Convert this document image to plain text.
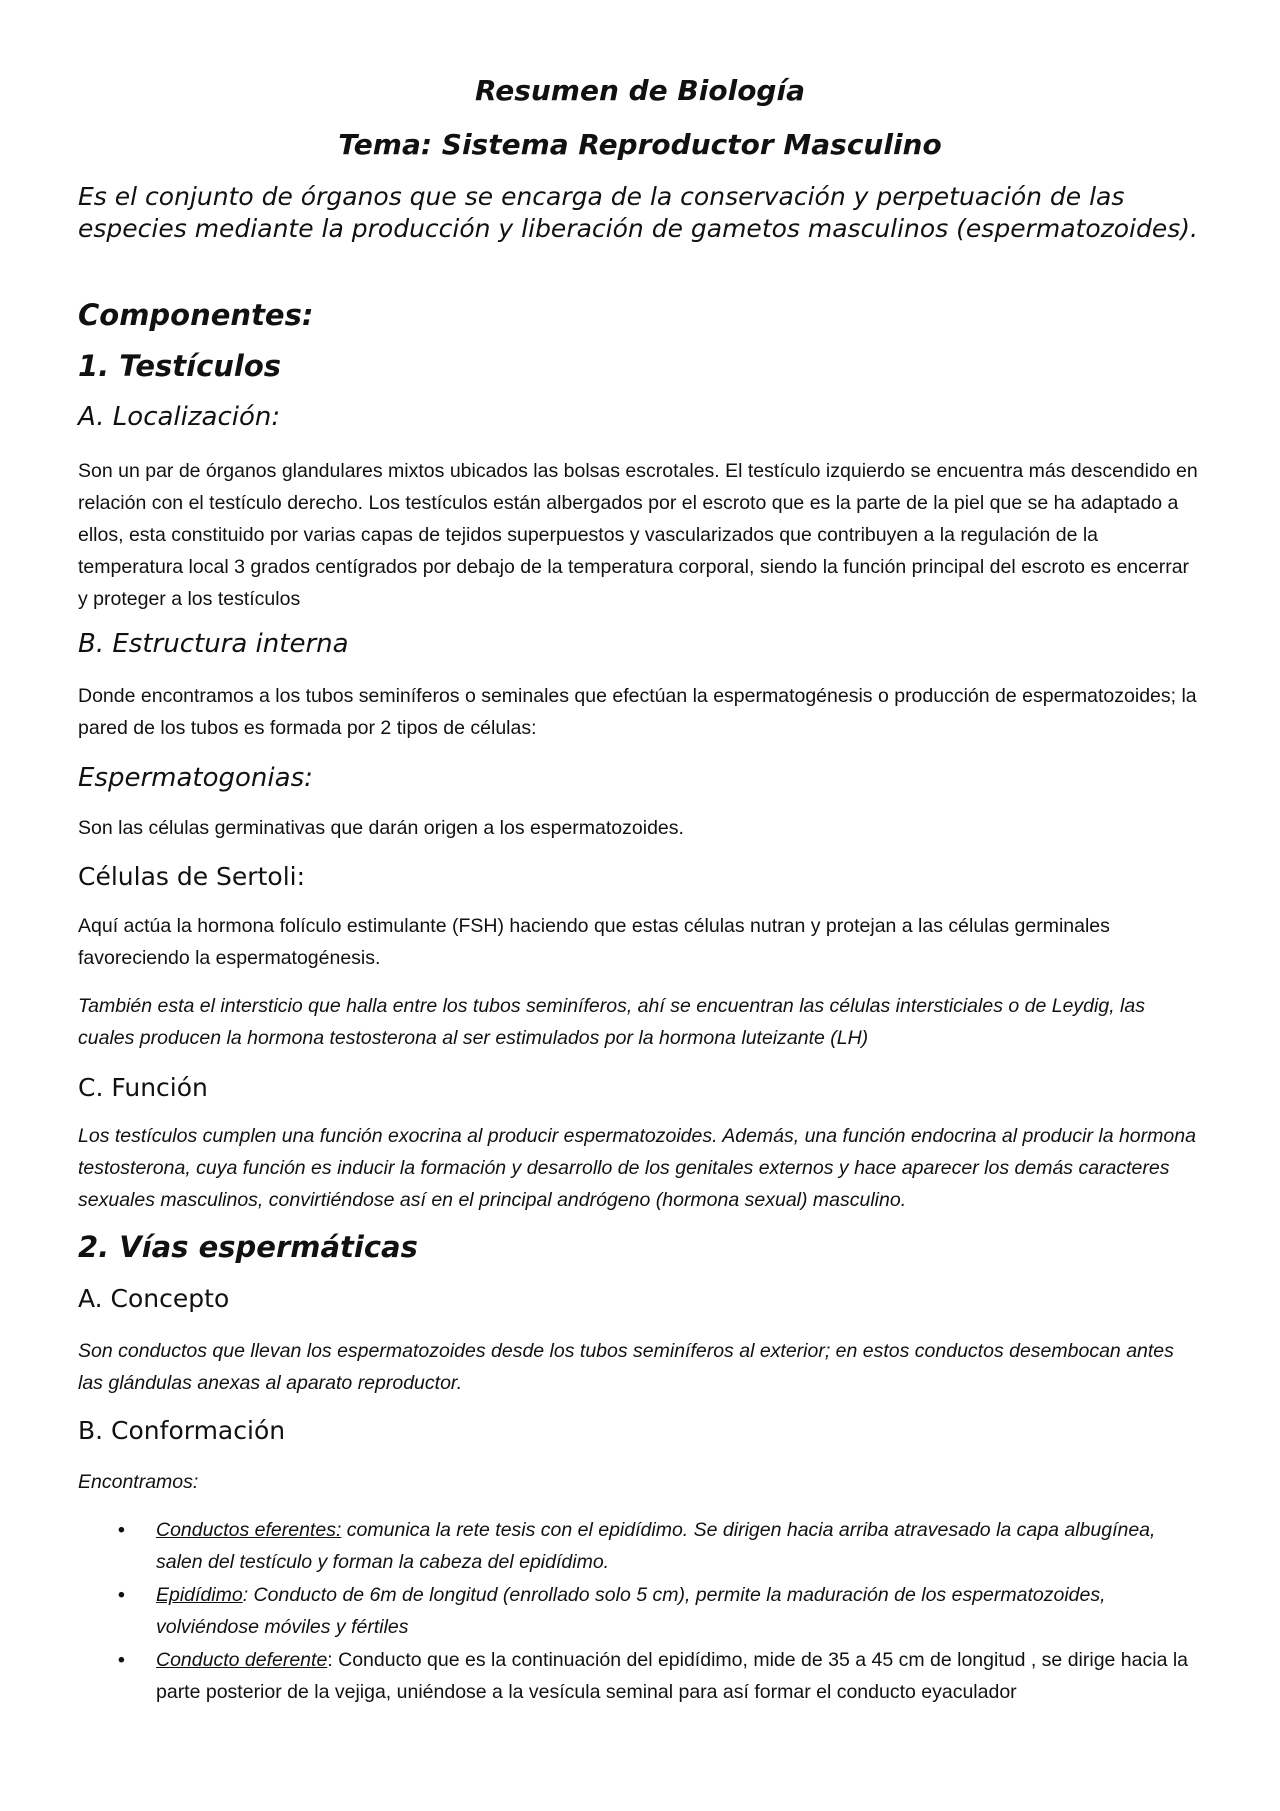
Resumen de Biología
Tema: Sistema Reproductor Masculino

Es el conjunto de órganos que se encarga de la conservación y perpetuación de las especies mediante la producción y liberación de gametos masculinos (espermatozoides).

Componentes:
1. Testículos
A. Localización:

Son un par de órganos glandulares mixtos ubicados las bolsas escrotales. El testículo izquierdo se encuentra más descendido en relación con el testículo derecho. Los testículos están albergados por el escroto que es la parte de la piel que se ha adaptado a ellos, esta constituido por varias capas de tejidos superpuestos y vascularizados que contribuyen a la regulación de la temperatura local 3 grados centígrados por debajo de la temperatura corporal, siendo la función principal del escroto es encerrar y proteger a los testículos

B. Estructura interna

Donde encontramos a los tubos seminíferos o seminales que efectúan la espermatogénesis o producción de espermatozoides; la pared de los tubos es formada por 2 tipos de células:

Espermatogonias:

Son las células germinativas que darán origen a los espermatozoides.

Células de Sertoli:

Aquí actúa la hormona folículo estimulante (FSH) haciendo que estas células nutran y protejan a las células germinales favoreciendo la espermatogénesis.

También esta el intersticio que halla entre los tubos seminíferos, ahí se encuentran las células intersticiales o de Leydig, las cuales producen la hormona testosterona al ser estimulados por la hormona luteizante (LH)

C. Función

Los testículos cumplen una función exocrina al producir espermatozoides. Además, una función endocrina al producir la hormona testosterona, cuya función es inducir la formación y desarrollo de los genitales externos y hace aparecer los demás caracteres sexuales masculinos, convirtiéndose así en el principal andrógeno (hormona sexual) masculino.

2. Vías espermáticas
A. Concepto

Son conductos que llevan los espermatozoides desde los tubos seminíferos al exterior; en estos conductos desembocan antes las glándulas anexas al aparato reproductor.

B. Conformación

Encontramos:

• Conductos eferentes: comunica la rete tesis con el epidídimo. Se dirigen hacia arriba atravesado la capa albugínea, salen del testículo y forman la cabeza del epidídimo.
• Epidídimo: Conducto de 6m de longitud (enrollado solo 5 cm), permite la maduración de los espermatozoides, volviéndose móviles y fértiles
• Conducto deferente: Conducto que es la continuación del epidídimo, mide de 35 a 45 cm de longitud , se dirige hacia la parte posterior de la vejiga, uniéndose a la vesícula seminal para así formar el conducto eyaculador
